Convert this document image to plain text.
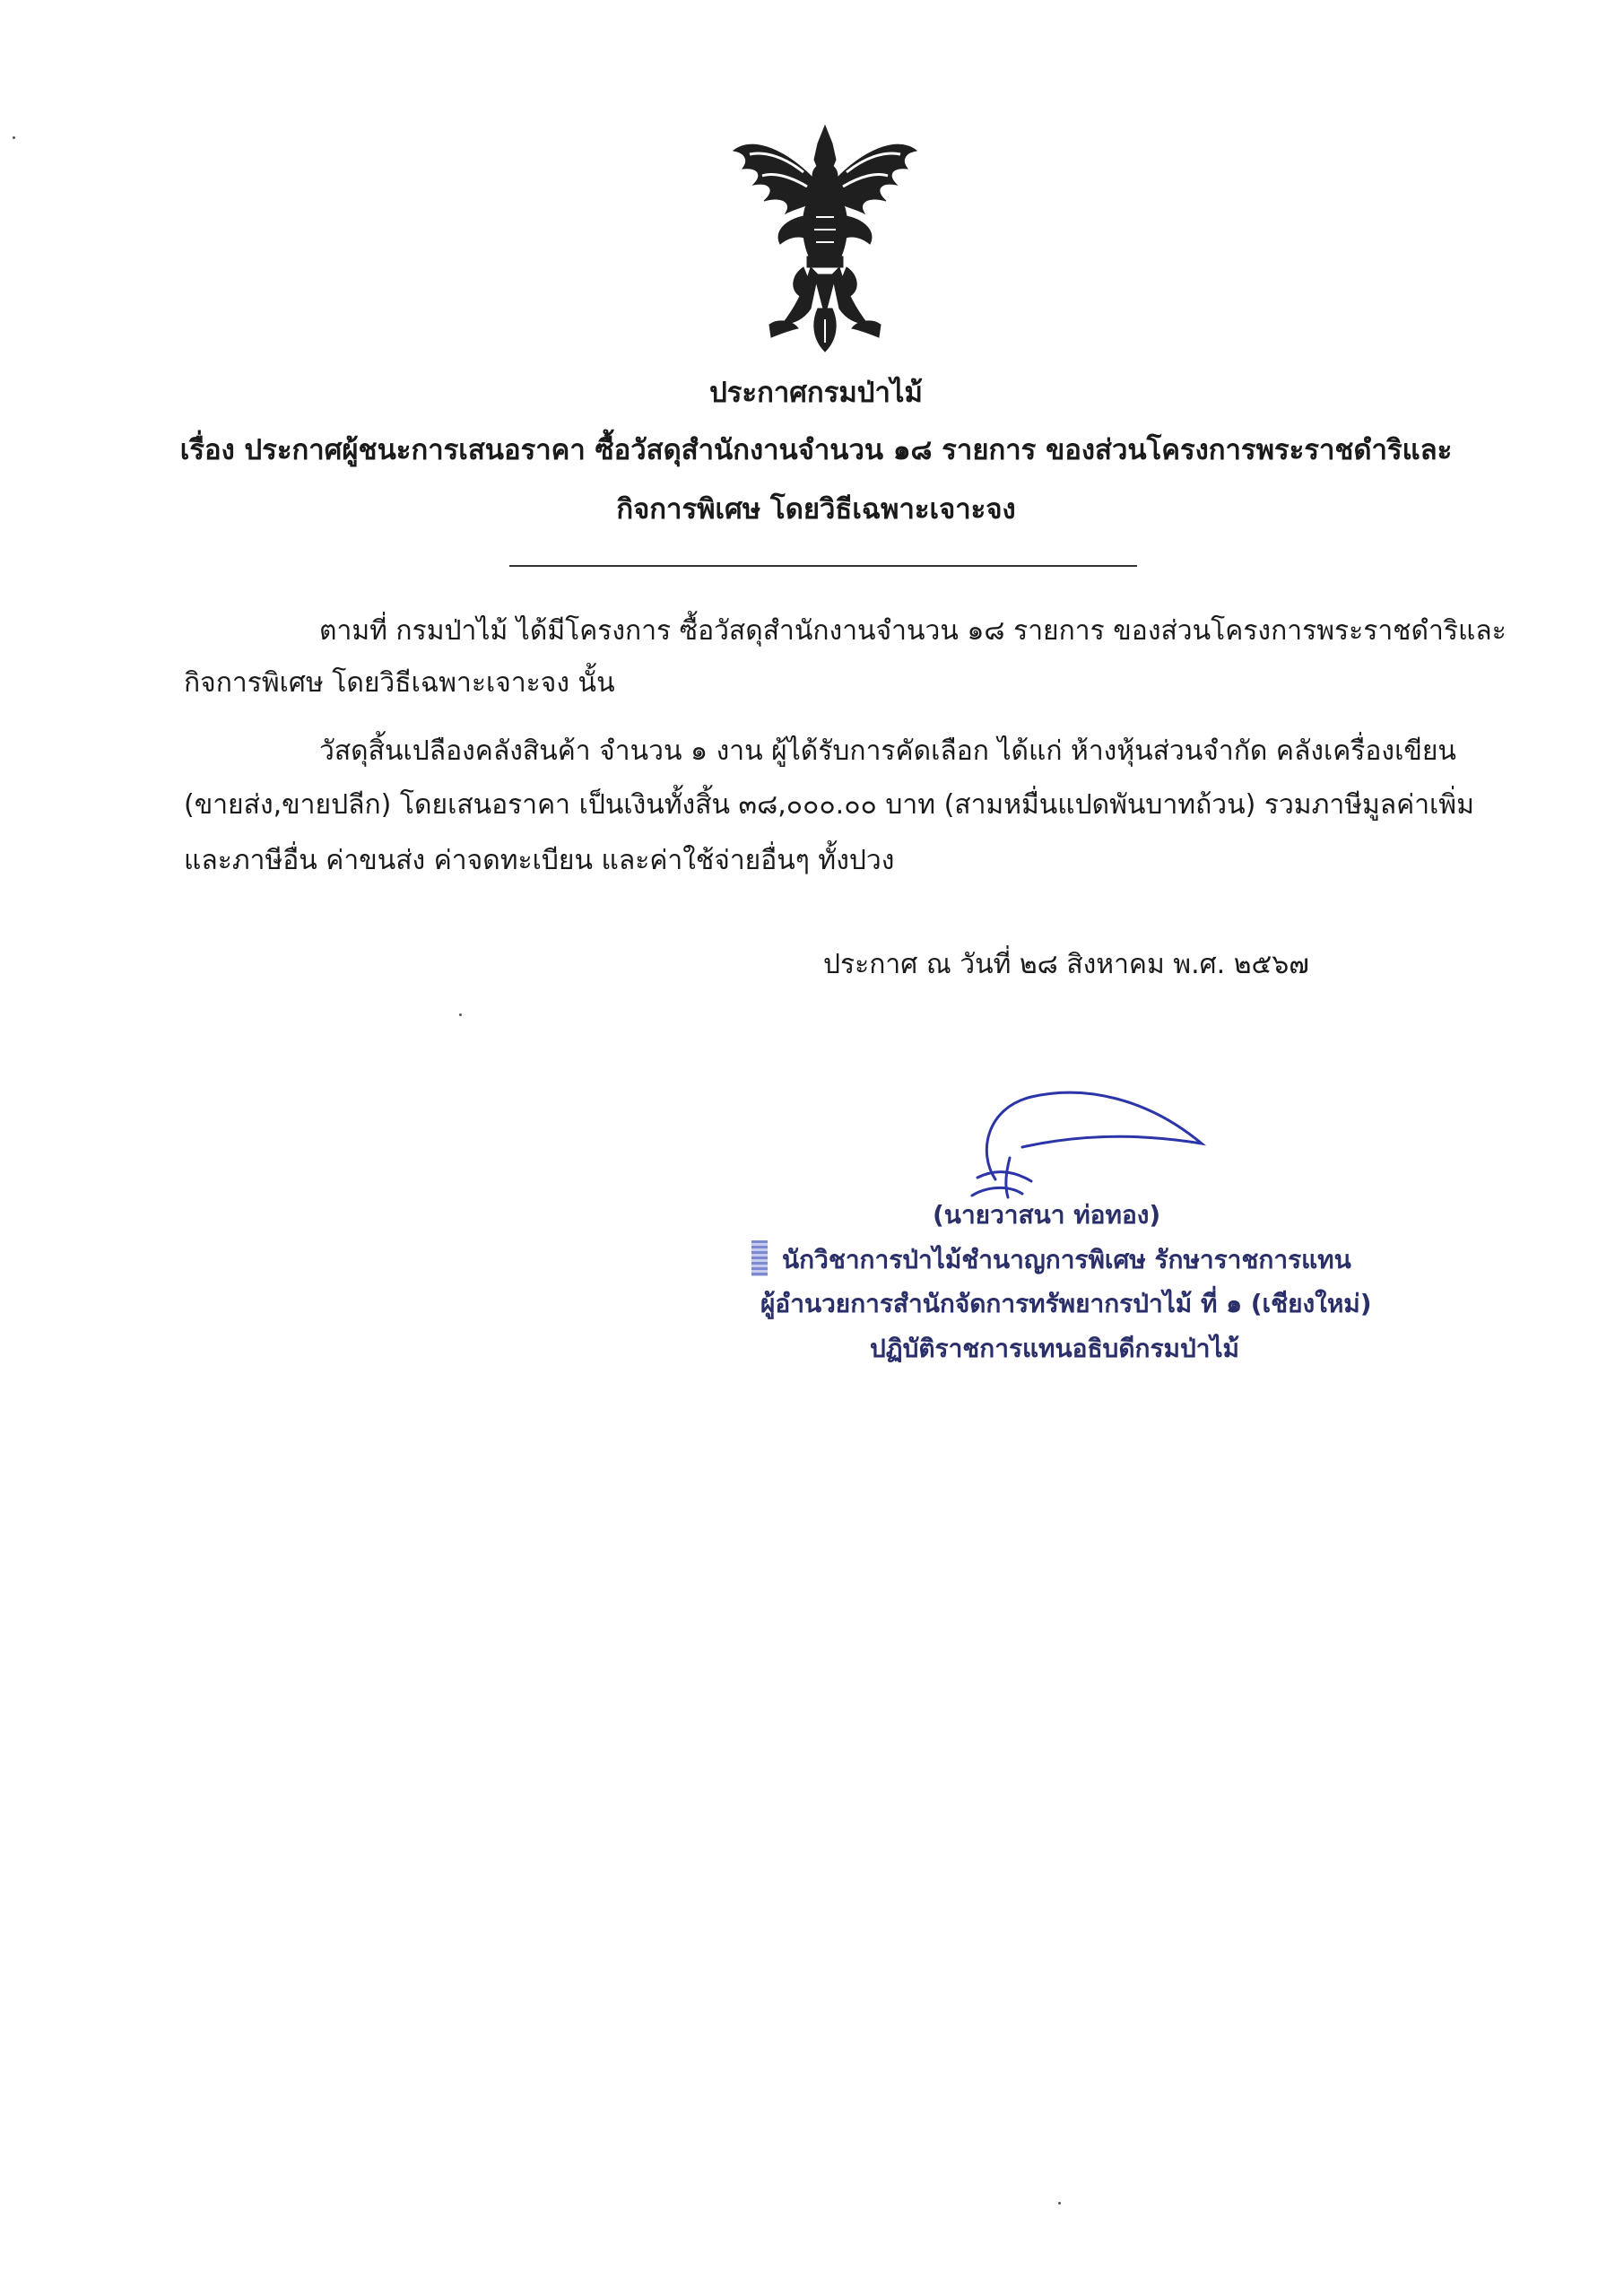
ประกาศกรมป่าไม้
เรื่อง ประกาศผู้ชนะการเสนอราคา ซื้อวัสดุสำนักงานจำนวน ๑๘ รายการ ของส่วนโครงการพระราชดำริและ
กิจการพิเศษ โดยวิธีเฉพาะเจาะจง
ตามที่ กรมป่าไม้ ได้มีโครงการ ซื้อวัสดุสำนักงานจำนวน ๑๘ รายการ ของส่วนโครงการพระราชดำริและ
กิจการพิเศษ โดยวิธีเฉพาะเจาะจง นั้น
วัสดุสิ้นเปลืองคลังสินค้า จำนวน ๑ งาน ผู้ได้รับการคัดเลือก ได้แก่ ห้างหุ้นส่วนจำกัด คลังเครื่องเขียน
(ขายส่ง,ขายปลีก) โดยเสนอราคา เป็นเงินทั้งสิ้น ๓๘,๐๐๐.๐๐ บาท (สามหมื่นแปดพันบาทถ้วน) รวมภาษีมูลค่าเพิ่ม
และภาษีอื่น ค่าขนส่ง ค่าจดทะเบียน และค่าใช้จ่ายอื่นๆ ทั้งปวง
ประกาศ ณ วันที่ ๒๘ สิงหาคม พ.ศ. ๒๕๖๗
(นายวาสนา ท่อทอง)
นักวิชาการป่าไม้ชำนาญการพิเศษ รักษาราชการแทน
ผู้อำนวยการสำนักจัดการทรัพยากรป่าไม้ ที่ ๑ (เชียงใหม่)
ปฏิบัติราชการแทนอธิบดีกรมป่าไม้
